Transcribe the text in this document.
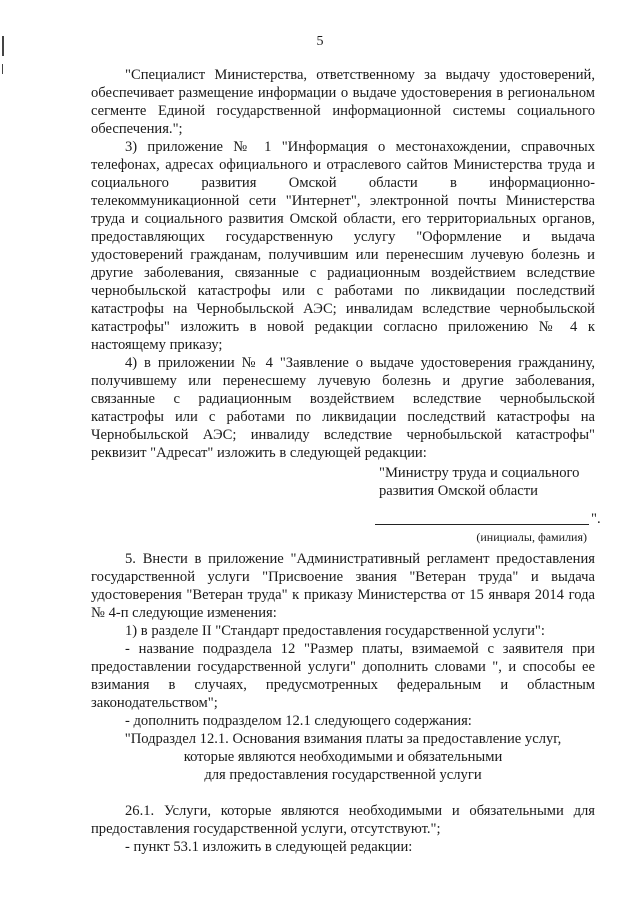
5

"Специалист Министерства, ответственному за выдачу удостоверений, обеспечивает размещение информации о выдаче удостоверения в региональном сегменте Единой государственной информационной системы социального обеспечения.";

3) приложение № 1 "Информация о местонахождении, справочных телефонах, адресах официального и отраслевого сайтов Министерства труда и социального развития Омской области в информационно-телекоммуникационной сети "Интернет", электронной почты Министерства труда и социального развития Омской области, его территориальных органов, предоставляющих государственную услугу "Оформление и выдача удостоверений гражданам, получившим или перенесшим лучевую болезнь и другие заболевания, связанные с радиационным воздействием вследствие чернобыльской катастрофы или с работами по ликвидации последствий катастрофы на Чернобыльской АЭС; инвалидам вследствие чернобыльской катастрофы" изложить в новой редакции согласно приложению № 4 к настоящему приказу;

4) в приложении № 4 "Заявление о выдаче удостоверения гражданину, получившему или перенесшему лучевую болезнь и другие заболевания, связанные с радиационным воздействием вследствие чернобыльской катастрофы или с работами по ликвидации последствий катастрофы на Чернобыльской АЭС; инвалиду вследствие чернобыльской катастрофы" реквизит "Адресат" изложить в следующей редакции:

"Министру труда и социального
развития Омской области
".
(инициалы, фамилия)

5. Внести в приложение "Административный регламент предоставления государственной услуги "Присвоение звания "Ветеран труда" и выдача удостоверения "Ветеран труда" к приказу Министерства от 15 января 2014 года № 4-п следующие изменения:

1) в разделе II "Стандарт предоставления государственной услуги":

- название подраздела 12 "Размер платы, взимаемой с заявителя при предоставлении государственной услуги" дополнить словами ", и способы ее взимания в случаях, предусмотренных федеральным и областным законодательством";

- дополнить подразделом 12.1 следующего содержания:

"Подраздел 12.1. Основания взимания платы за предоставление услуг,

которые являются необходимыми и обязательными

для предоставления государственной услуги

26.1. Услуги, которые являются необходимыми и обязательными для предоставления государственной услуги, отсутствуют.";

- пункт 53.1 изложить в следующей редакции:
